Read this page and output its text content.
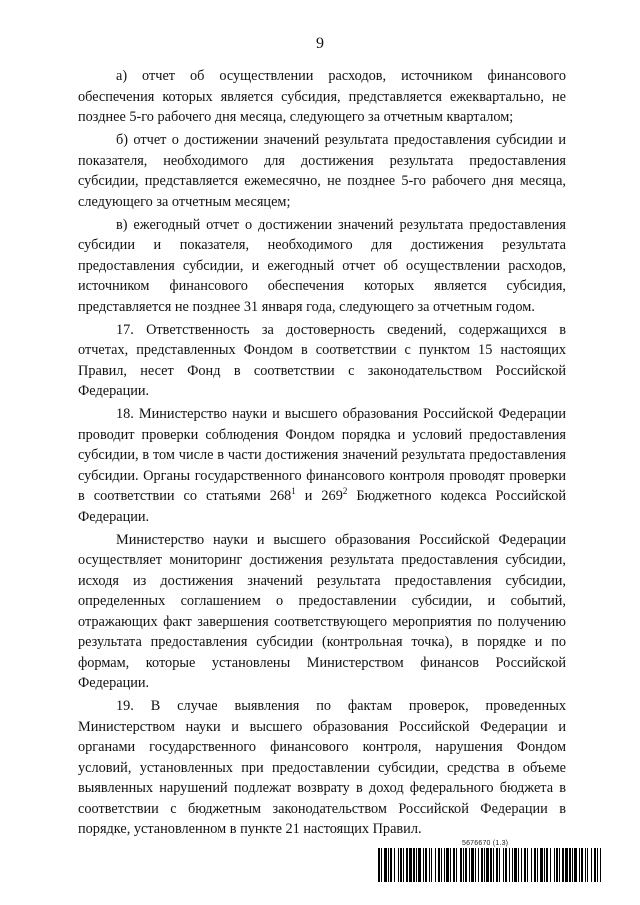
9

а) отчет об осуществлении расходов, источником финансового обеспечения которых является субсидия, представляется ежеквартально, не позднее 5-го рабочего дня месяца, следующего за отчетным кварталом;

б) отчет о достижении значений результата предоставления субсидии и показателя, необходимого для достижения результата предоставления субсидии, представляется ежемесячно, не позднее 5-го рабочего дня месяца, следующего за отчетным месяцем;

в) ежегодный отчет о достижении значений результата предоставления субсидии и показателя, необходимого для достижения результата предоставления субсидии, и ежегодный отчет об осуществлении расходов, источником финансового обеспечения которых является субсидия, представляется не позднее 31 января года, следующего за отчетным годом.

17. Ответственность за достоверность сведений, содержащихся в отчетах, представленных Фондом в соответствии с пунктом 15 настоящих Правил, несет Фонд в соответствии с законодательством Российской Федерации.

18. Министерство науки и высшего образования Российской Федерации проводит проверки соблюдения Фондом порядка и условий предоставления субсидии, в том числе в части достижения значений результата предоставления субсидии. Органы государственного финансового контроля проводят проверки в соответствии со статьями $268^1$ и $269^2$ Бюджетного кодекса Российской Федерации.

Министерство науки и высшего образования Российской Федерации осуществляет мониторинг достижения результата предоставления субсидии, исходя из достижения значений результата предоставления субсидии, определенных соглашением о предоставлении субсидии, и событий, отражающих факт завершения соответствующего мероприятия по получению результата предоставления субсидии (контрольная точка), в порядке и по формам, которые установлены Министерством финансов Российской Федерации.

19. В случае выявления по фактам проверок, проведенных Министерством науки и высшего образования Российской Федерации и органами государственного финансового контроля, нарушения Фондом условий, установленных при предоставлении субсидии, средства в объеме выявленных нарушений подлежат возврату в доход федерального бюджета в соответствии с бюджетным законодательством Российской Федерации в порядке, установленном в пункте 21 настоящих Правил.

5676670 (1.3)
